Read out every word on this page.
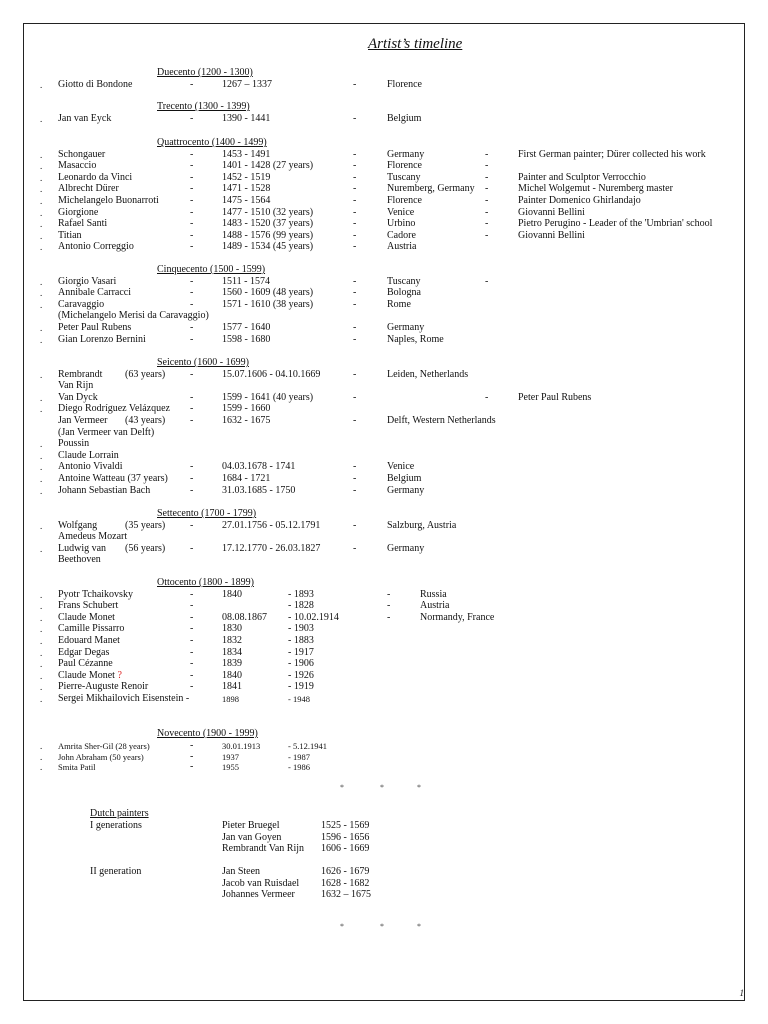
Artist’s timeline
Duecento (1200 - 1300)
. Giotto di Bondone	-	1267 – 1337	-	Florence
Trecento (1300 - 1399)
. Jan van Eyck	-	1390 - 1441	-	Belgium
Quattrocento (1400 - 1499)
. Schongauer	-	1453 - 1491	-	Germany	-	First German painter; Dürer collected his work
. Masaccio	-	1401 - 1428 (27 years)	-	Florence	-
. Leonardo da Vinci	-	1452 - 1519	-	Tuscany	-	Painter and Sculptor Verrocchio
. Albrecht Dürer	-	1471 - 1528	-	Nuremberg, Germany -	Michel Wolgemut - Nuremberg master
. Michelangelo Buonarroti	-	1475 - 1564	-	Florence	-	Painter Domenico Ghirlandajo
. Giorgione	-	1477 - 1510 (32 years)	-	Venice	-	Giovanni Bellini
. Rafael Santi	-	1483 - 1520 (37 years)	-	Urbino	-	Pietro Perugino - Leader of the 'Umbrian' school
. Titian	-	1488 - 1576 (99 years)	-	Cadore	-	Giovanni Bellini
. Antonio Correggio	-	1489 - 1534 (45 years)	-	Austria
Cinquecento (1500 - 1599)
. Giorgio Vasari	-	1511 - 1574	-	Tuscany	-
. Annibale Carracci	-	1560 - 1609 (48 years)	-	Bologna
. Caravaggio	-	1571 - 1610 (38 years)	-	Rome
(Michelangelo Merisi da Caravaggio)
. Peter Paul Rubens	-	1577 - 1640	-	Germany
. Gian Lorenzo Bernini	-	1598 - 1680	-	Naples, Rome
Seicento (1600 - 1699)
. Rembrandt (63 years) -	15.07.1606 - 04.10.1669	-	Leiden, Netherlands
Van Rijn
. Van Dyck	-	1599 - 1641 (40 years)	-	-	Peter Paul Rubens
. Diego Rodríguez Velázquez -	1599 - 1660
Jan Vermeer (43 years) -	1632 - 1675	-	Delft, Western Netherlands
(Jan Vermeer van Delft)
. Poussin
. Claude Lorrain
. Antonio Vivaldi	-	04.03.1678 - 1741	-	Venice
. Antoine Watteau (37 years) -	1684 - 1721	-	Belgium
. Johann Sebastian Bach	-	31.03.1685 - 1750	-	Germany
Settecento (1700 - 1799)
. Wolfgang	(35 years) -	27.01.1756 - 05.12.1791	-	Salzburg, Austria
Amedeus Mozart
. Ludwig van (56 years) -	17.12.1770 - 26.03.1827	-	Germany
Beethoven
Ottocento (1800 - 1899)
. Pyotr Tchaikovsky	-	1840	- 1893	-	Russia
. Frans Schubert	-	- 1828	-	Austria
. Claude Monet	-	08.08.1867 - 10.02.1914	-	Normandy, France
. Camille Pissarro	-	1830	- 1903
. Edouard Manet	-	1832	- 1883
. Edgar Degas	-	1834	- 1917
. Paul Cézanne	-	1839	- 1906
. Claude Monet ?	-	1840	- 1926
. Pierre-Auguste Renoir	-	1841	- 1919
. Sergei Mikhailovich Eisenstein -	1898	- 1948
Novecento (1900 - 1999)
. Amrita Sher-Gil (28 years)	-	30.01.1913	- 5.12.1941
. John Abraham (50 years)	-	1937	- 1987
. Smita Patil	-	1955	- 1986
*	*	*
*	*	*
Dutch painters
I generations	Pieter Bruegel	1525 - 1569
Jan van Goyen	1596 - 1656
Rembrandt Van Rijn 1606 - 1669
II generation	Jan Steen	1626 - 1679
Jacob van Ruisdael 1628 - 1682
Johannes Vermeer	1632 – 1675
1
